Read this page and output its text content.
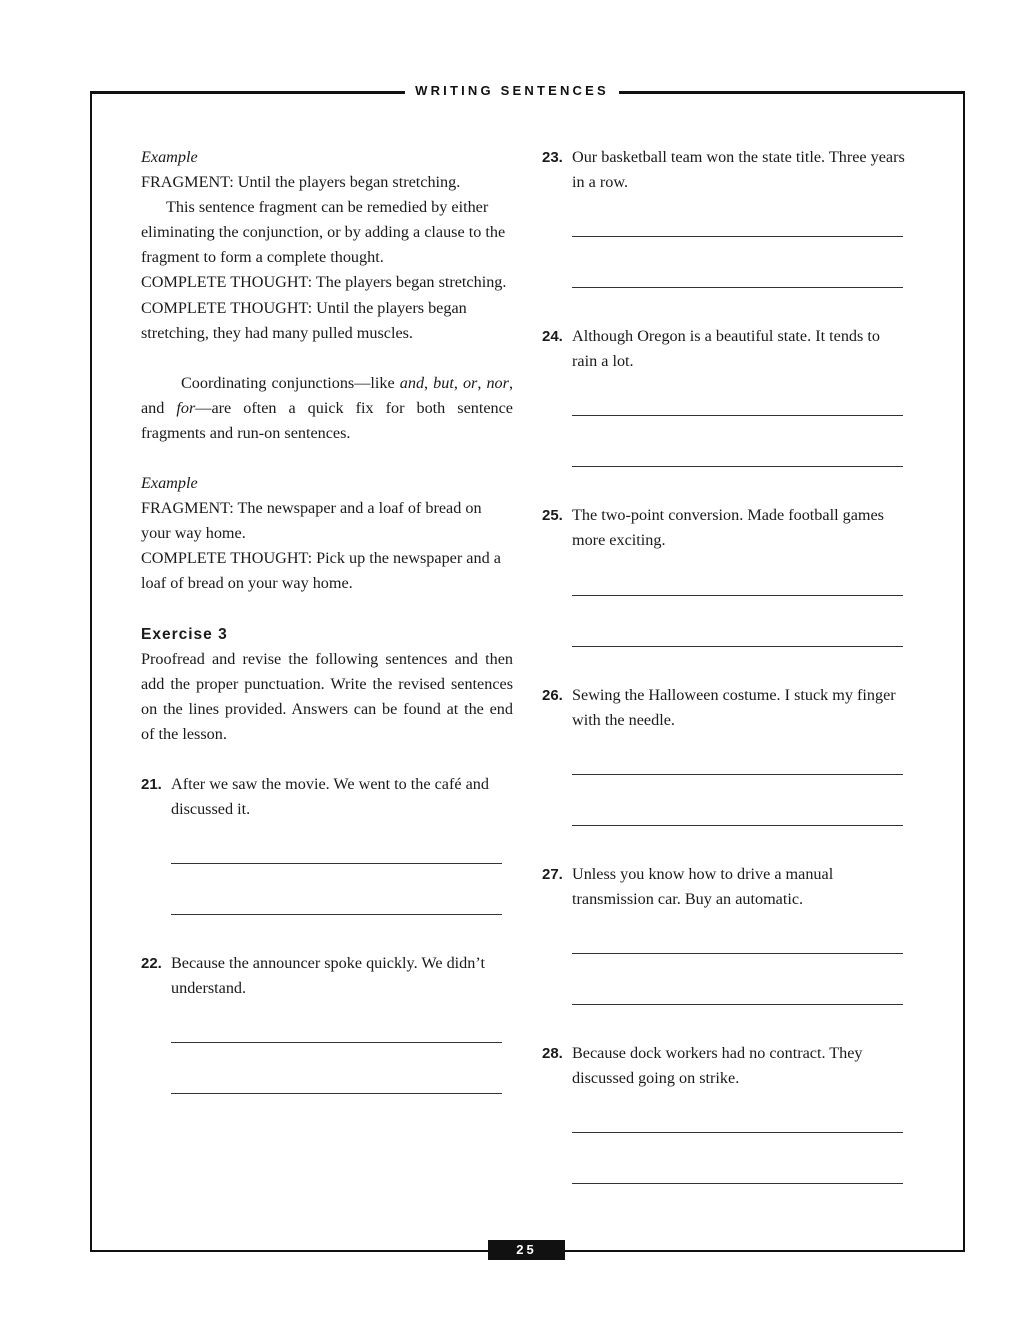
WRITING SENTENCES

Example

FRAGMENT: Until the players began stretching.

This sentence fragment can be remedied by either eliminating the conjunction, or by adding a clause to the fragment to form a complete thought.

COMPLETE THOUGHT: The players began stretching.

COMPLETE THOUGHT: Until the players began stretching, they had many pulled muscles.

Coordinating conjunctions—like and, but, or, nor, and for—are often a quick fix for both sentence fragments and run-on sentences.

Example

FRAGMENT: The newspaper and a loaf of bread on your way home.

COMPLETE THOUGHT: Pick up the newspaper and a loaf of bread on your way home.

Exercise 3

Proofread and revise the following sentences and then add the proper punctuation. Write the revised sentences on the lines provided. Answers can be found at the end of the lesson.

21. After we saw the movie. We went to the café and discussed it.

22. Because the announcer spoke quickly. We didn’t understand.

23. Our basketball team won the state title. Three years in a row.

24. Although Oregon is a beautiful state. It tends to rain a lot.

25. The two-point conversion. Made football games more exciting.

26. Sewing the Halloween costume. I stuck my finger with the needle.

27. Unless you know how to drive a manual transmission car. Buy an automatic.

28. Because dock workers had no contract. They discussed going on strike.

25
